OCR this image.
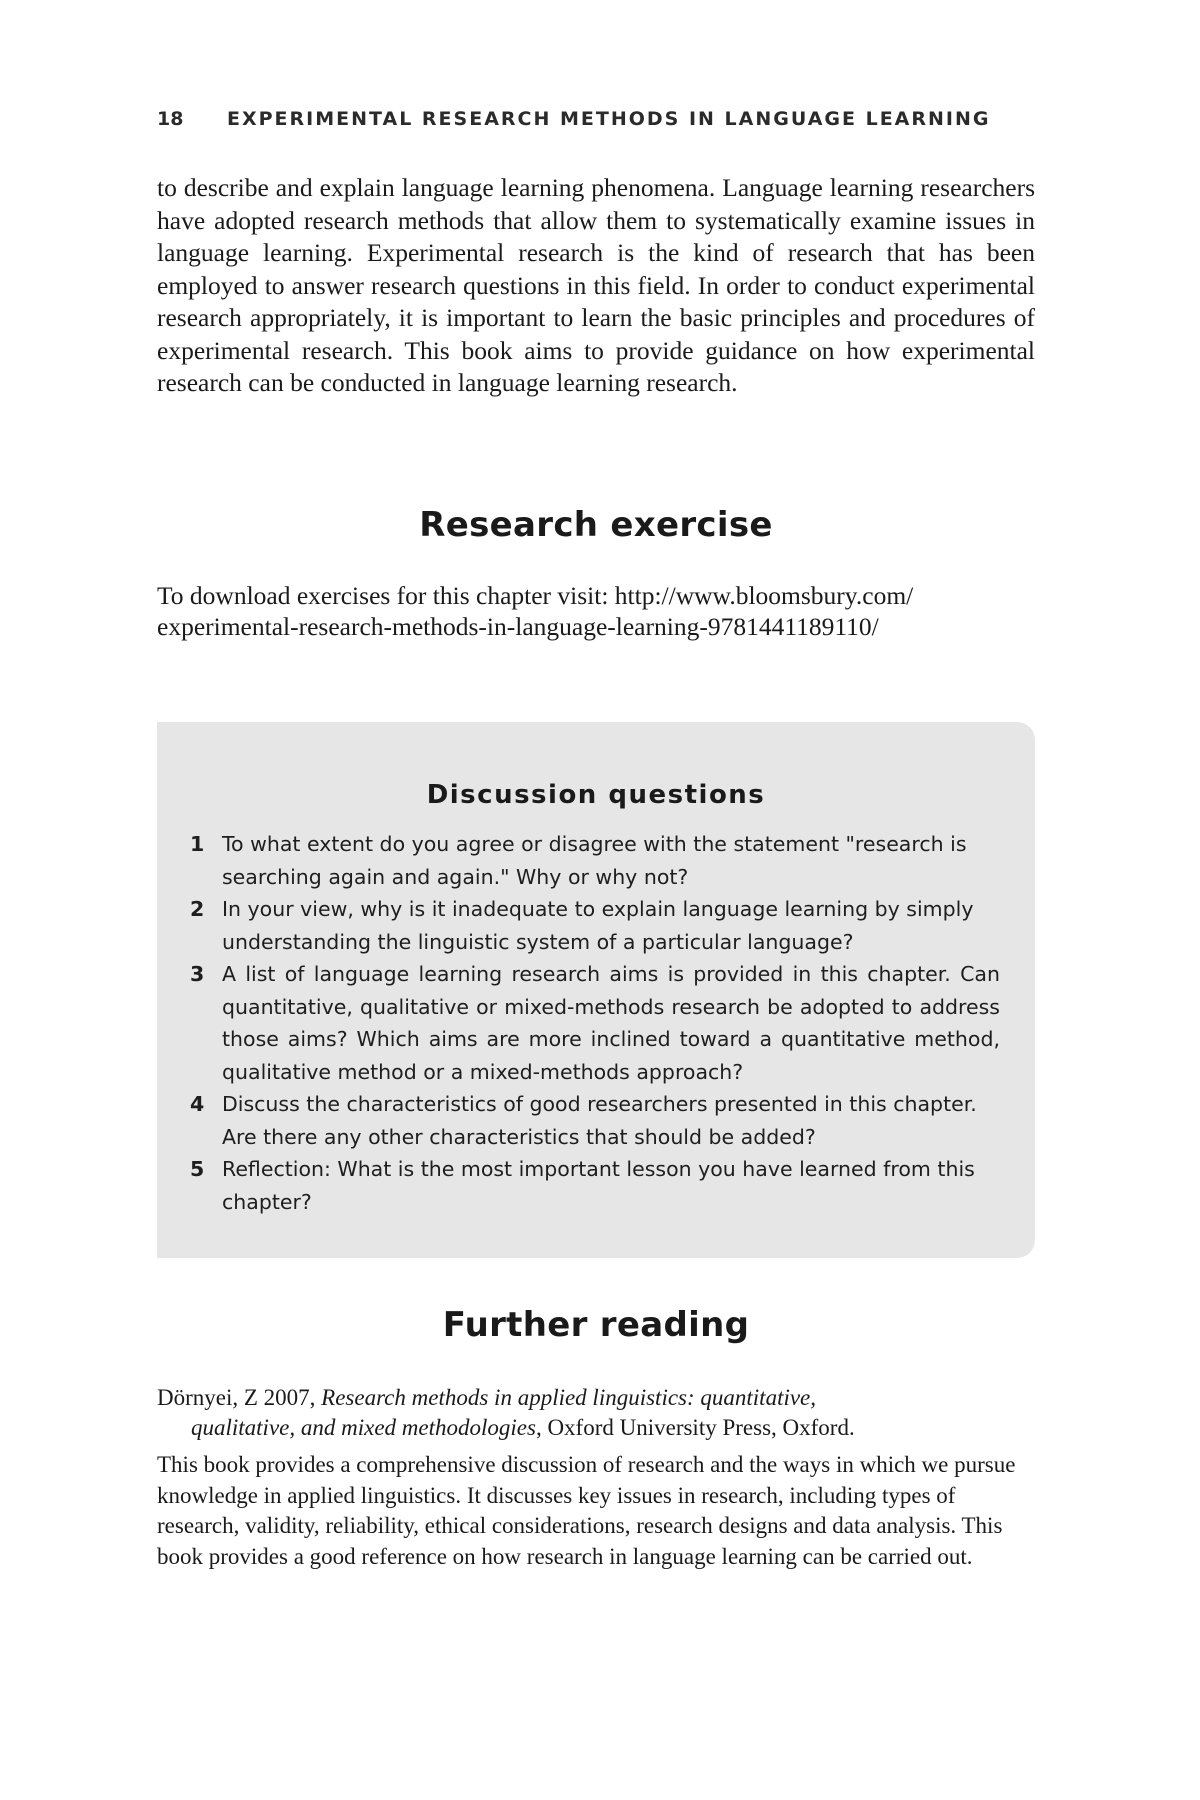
18 EXPERIMENTAL RESEARCH METHODS IN LANGUAGE LEARNING

to describe and explain language learning phenomena. Language learning researchers have adopted research methods that allow them to systematically examine issues in language learning. Experimental research is the kind of research that has been employed to answer research questions in this field. In order to conduct experimental research appropriately, it is important to learn the basic principles and procedures of experimental research. This book aims to provide guidance on how experimental research can be conducted in language learning research.

Research exercise

To download exercises for this chapter visit: http://www.bloomsbury.com/
experimental-research-methods-in-language-learning-9781441189110/

Discussion questions
1 To what extent do you agree or disagree with the statement "research is searching again and again." Why or why not?
2 In your view, why is it inadequate to explain language learning by simply understanding the linguistic system of a particular language?
3 A list of language learning research aims is provided in this chapter. Can quantitative, qualitative or mixed-methods research be adopted to address those aims? Which aims are more inclined toward a quantitative method, qualitative method or a mixed-methods approach?
4 Discuss the characteristics of good researchers presented in this chapter. Are there any other characteristics that should be added?
5 Reflection: What is the most important lesson you have learned from this chapter?
Further reading

Dörnyei, Z 2007, Research methods in applied linguistics: quantitative,
qualitative, and mixed methodologies, Oxford University Press, Oxford.

This book provides a comprehensive discussion of research and the ways in which we pursue knowledge in applied linguistics. It discusses key issues in research, including types of research, validity, reliability, ethical considerations, research designs and data analysis. This book provides a good reference on how research in language learning can be carried out.
